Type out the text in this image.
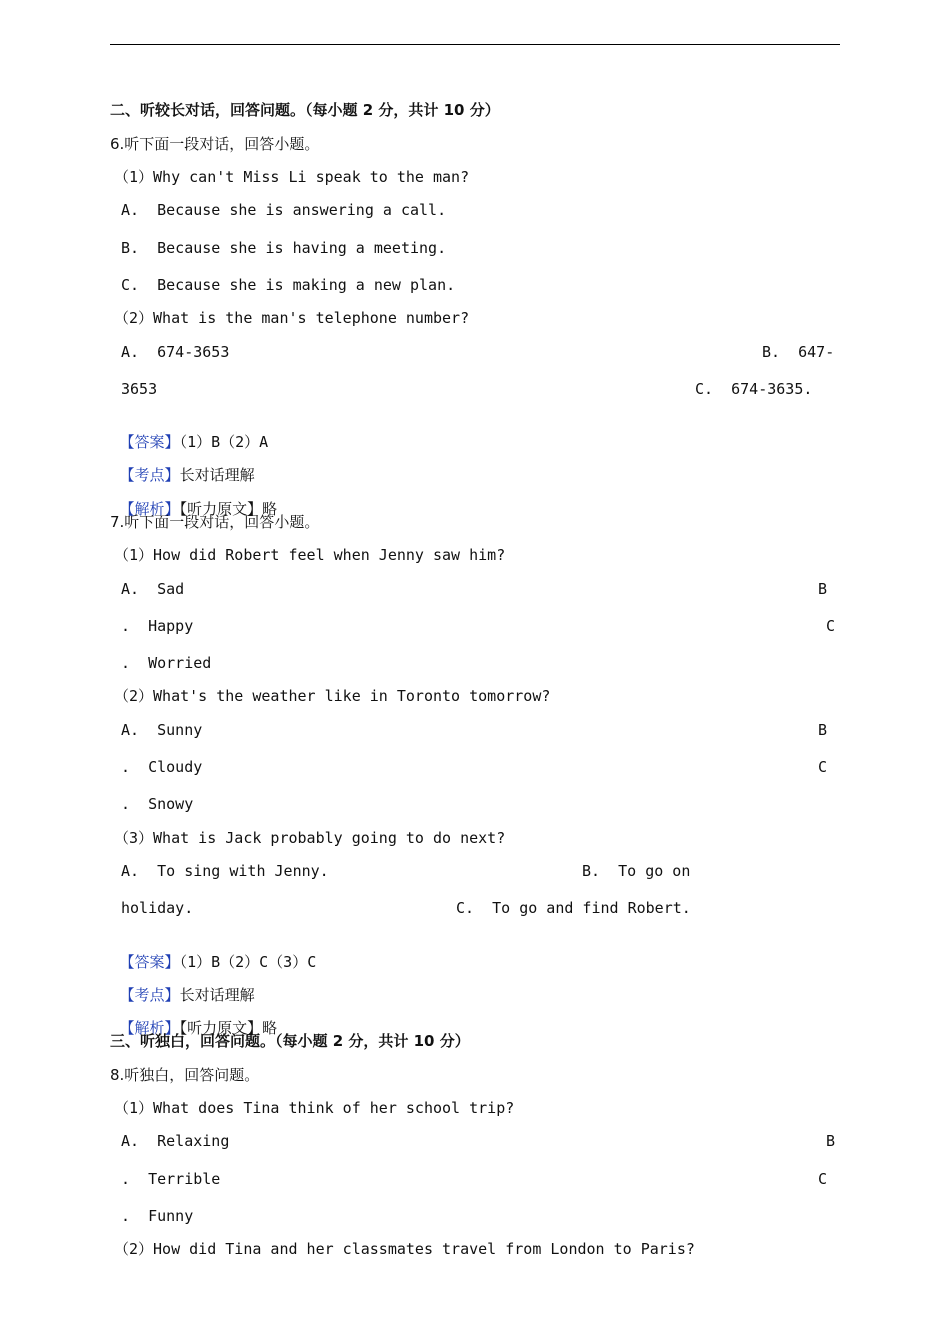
二、听较长对话，回答问题。（每小题 2 分，共计 10 分）
6.听下面一段对话，回答小题。
（1）Why can't Miss Li speak to the man?
A.  Because she is answering a call.
B.  Because she is having a meeting.
C.  Because she is making a new plan.
（2）What is the man's telephone number?
A.  674-3653	B.  647-
3653	C.  674-3635.

【答案】（1）B（2）A

【考点】长对话理解

【解析】【听力原文】略

7.听下面一段对话，回答小题。
（1）How did Robert feel when Jenny saw him?
A.  Sad	B
.  Happy	C
.  Worried
（2）What's the weather like in Toronto tomorrow?
A.  Sunny	B
.  Cloudy	C
.  Snowy
（3）What is Jack probably going to do next?
A.  To sing with Jenny.	B.  To go on
holiday.	C.  To go and find Robert.

【答案】（1）B（2）C（3）C

【考点】长对话理解

【解析】【听力原文】略

三、听独白，回答问题。（每小题 2 分，共计 10 分）
8.听独白，回答问题。
（1）What does Tina think of her school trip?
A.  Relaxing	B
.  Terrible	C
.  Funny
（2）How did Tina and her classmates travel from London to Paris?
